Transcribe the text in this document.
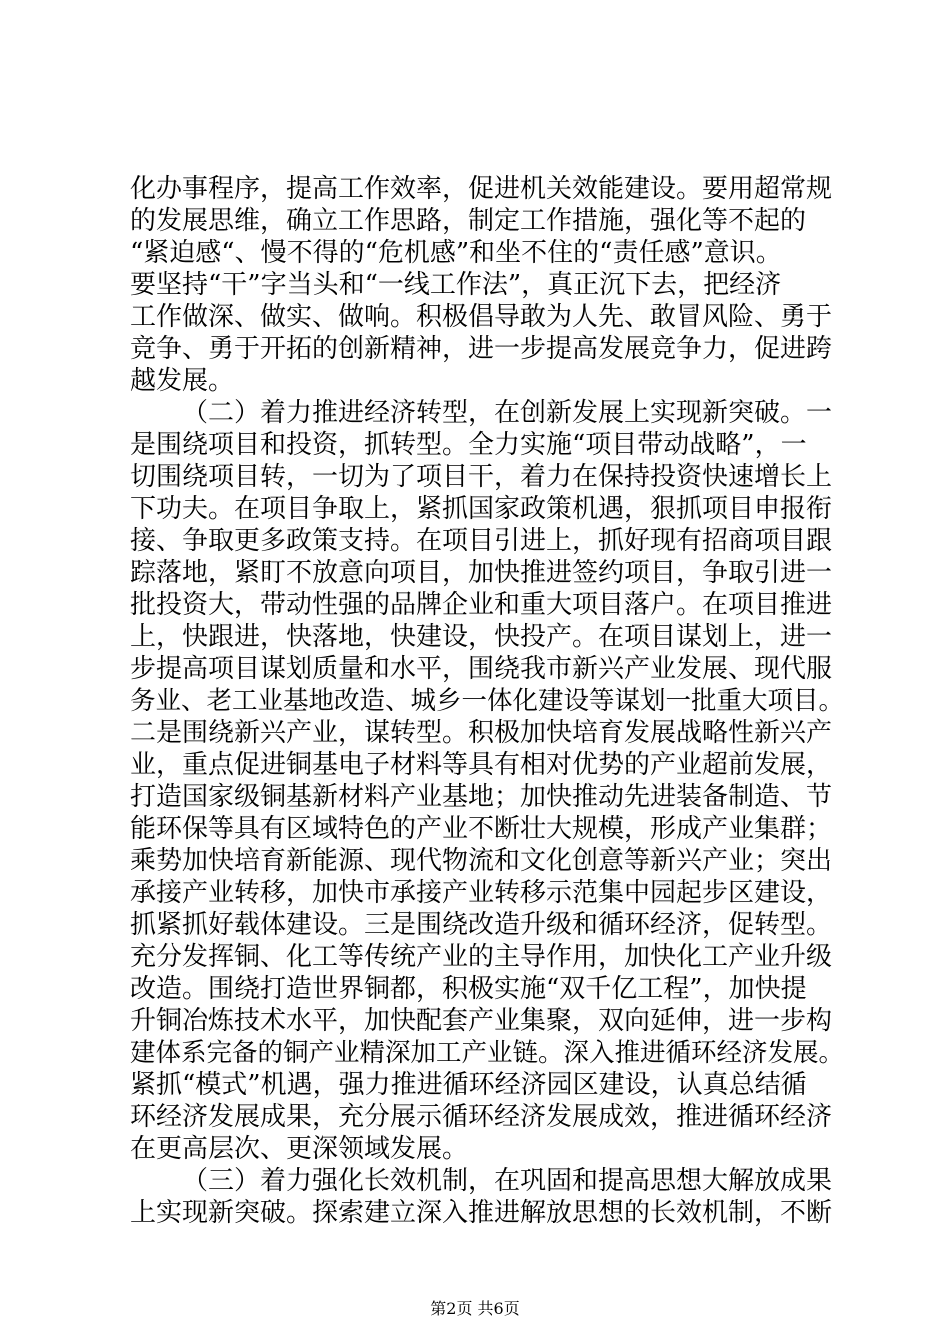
化办事程序，提高工作效率，促进机关效能建设。要用超常规
的发展思维，确立工作思路，制定工作措施，强化等不起的
“紧迫感“、慢不得的“危机感”和坐不住的“责任感”意识。
要坚持“干”字当头和“一线工作法”，真正沉下去，把经济
工作做深、做实、做响。积极倡导敢为人先、敢冒风险、勇于
竞争、勇于开拓的创新精神，进一步提高发展竞争力，促进跨
越发展。
（二）着力推进经济转型，在创新发展上实现新突破。一
是围绕项目和投资，抓转型。全力实施“项目带动战略”，一
切围绕项目转，一切为了项目干，着力在保持投资快速增长上
下功夫。在项目争取上，紧抓国家政策机遇，狠抓项目申报衔
接、争取更多政策支持。在项目引进上，抓好现有招商项目跟
踪落地，紧盯不放意向项目，加快推进签约项目，争取引进一
批投资大，带动性强的品牌企业和重大项目落户。在项目推进
上，快跟进，快落地，快建设，快投产。在项目谋划上，进一
步提高项目谋划质量和水平，围绕我市新兴产业发展、现代服
务业、老工业基地改造、城乡一体化建设等谋划一批重大项目。
二是围绕新兴产业，谋转型。积极加快培育发展战略性新兴产
业，重点促进铜基电子材料等具有相对优势的产业超前发展，
打造国家级铜基新材料产业基地；加快推动先进装备制造、节
能环保等具有区域特色的产业不断壮大规模，形成产业集群；
乘势加快培育新能源、现代物流和文化创意等新兴产业；突出
承接产业转移，加快市承接产业转移示范集中园起步区建设，
抓紧抓好载体建设。三是围绕改造升级和循环经济，促转型。
充分发挥铜、化工等传统产业的主导作用，加快化工产业升级
改造。围绕打造世界铜都，积极实施“双千亿工程”，加快提
升铜冶炼技术水平，加快配套产业集聚，双向延伸，进一步构
建体系完备的铜产业精深加工产业链。深入推进循环经济发展。
紧抓“模式”机遇，强力推进循环经济园区建设，认真总结循
环经济发展成果，充分展示循环经济发展成效，推进循环经济
在更高层次、更深领域发展。
（三）着力强化长效机制，在巩固和提高思想大解放成果
上实现新突破。探索建立深入推进解放思想的长效机制，不断
第2页 共6页
